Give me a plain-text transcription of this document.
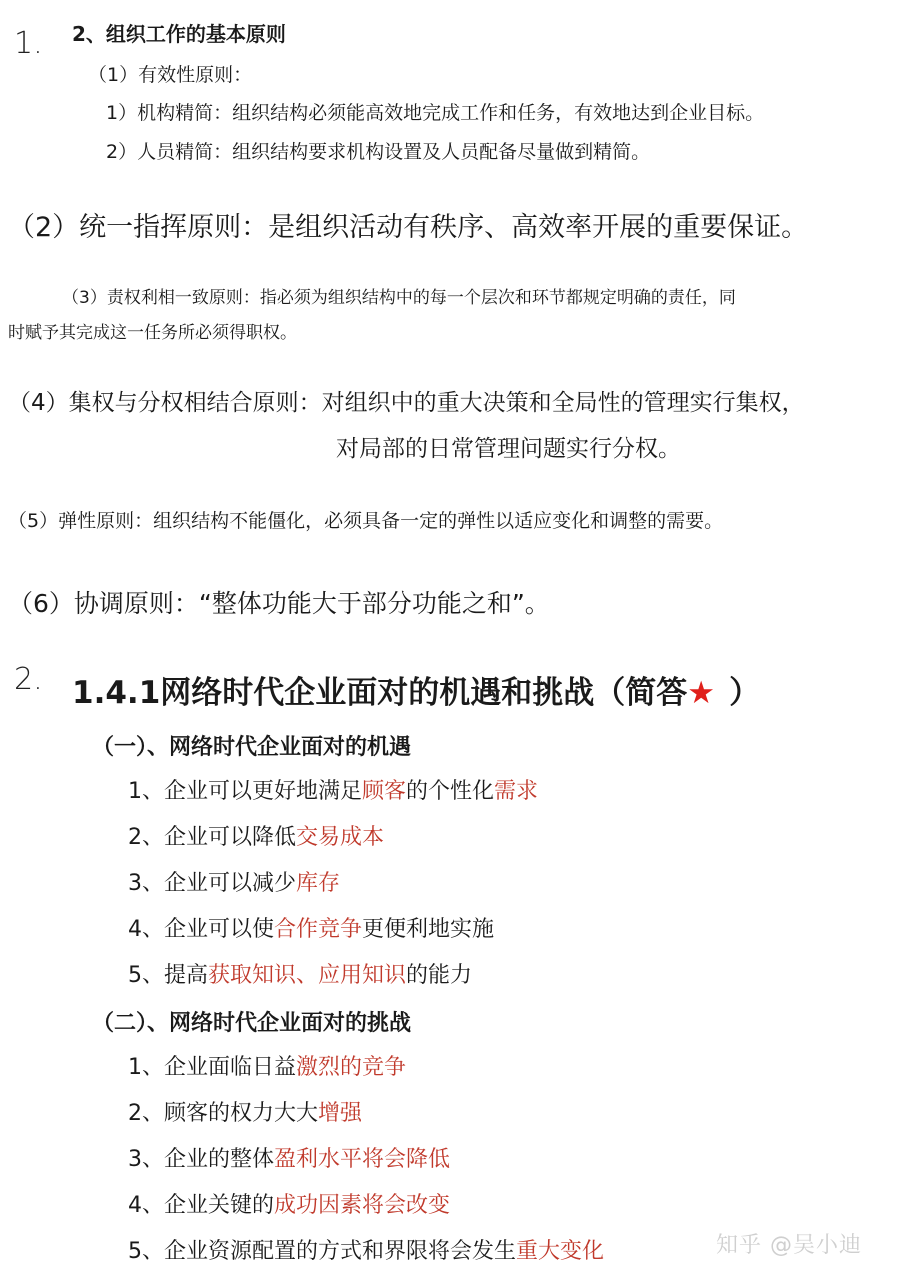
1. 2、组织工作的基本原则
（1）有效性原则：
1）机构精简：组织结构必须能高效地完成工作和任务，有效地达到企业目标。
2）人员精简：组织结构要求机构设置及人员配备尽量做到精简。
（2）统一指挥原则：是组织活动有秩序、高效率开展的重要保证。
（3）责权利相一致原则：指必须为组织结构中的每一个层次和环节都规定明确的责任，同
时赋予其完成这一任务所必须得职权。
（4）集权与分权相结合原则：对组织中的重大决策和全局性的管理实行集权，
对局部的日常管理问题实行分权。
（5）弹性原则：组织结构不能僵化，必须具备一定的弹性以适应变化和调整的需要。
（6）协调原则：“整体功能大于部分功能之和”。
2. 1.4.1网络时代企业面对的机遇和挑战（简答★ ）
（一）、网络时代企业面对的机遇
1、企业可以更好地满足顾客的个性化需求
2、企业可以降低交易成本
3、企业可以减少库存
4、企业可以使合作竞争更便利地实施
5、提高获取知识、应用知识的能力
（二）、网络时代企业面对的挑战
1、企业面临日益激烈的竞争
2、顾客的权力大大增强
3、企业的整体盈利水平将会降低
4、企业关键的成功因素将会改变
5、企业资源配置的方式和界限将会发生重大变化	知乎 @吴小迪
